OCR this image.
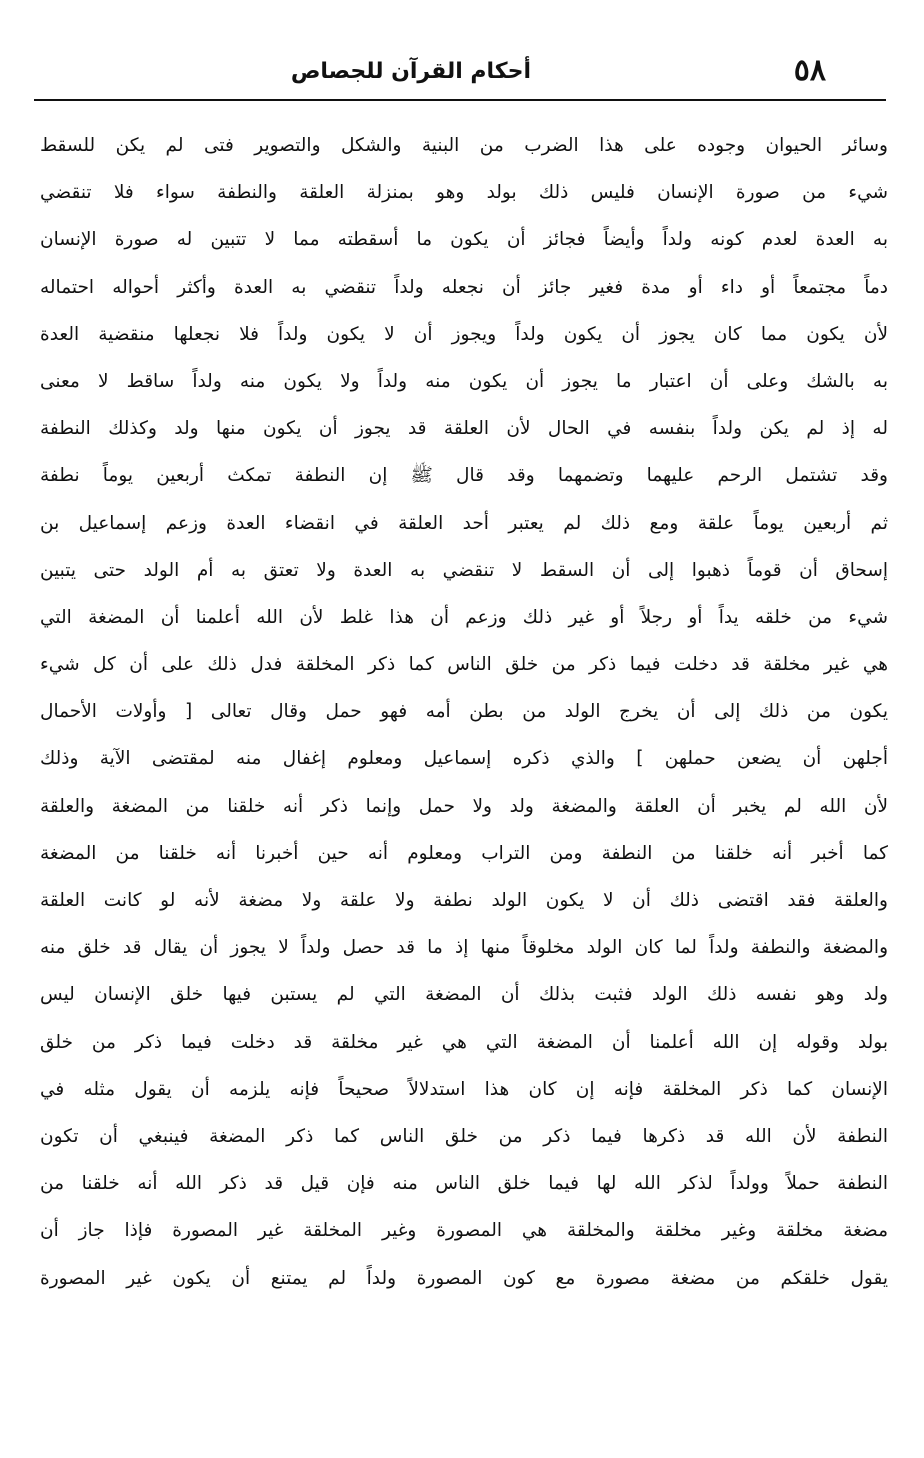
٥٨
أحكام القرآن للجصاص
وسائر الحيوان وجوده على هذا الضرب من البنية والشكل والتصوير فتى لم يكن للسقط
شيء من صورة الإنسان فليس ذلك بولد وهو بمنزلة العلقة والنطفة سواء فلا تنقضي
به العدة لعدم كونه ولداً وأيضاً فجائز أن يكون ما أسقطته مما لا تتبين له صورة الإنسان
دماً مجتمعاً أو داء أو مدة فغير جائز أن نجعله ولداً تنقضي به العدة وأكثر أحواله احتماله
لأن يكون مما كان يجوز أن يكون ولداً ويجوز أن لا يكون ولداً فلا نجعلها منقضية العدة
به بالشك وعلى أن اعتبار ما يجوز أن يكون منه ولداً ولا يكون منه ولداً ساقط لا معنى
له إذ لم يكن ولداً بنفسه في الحال لأن العلقة قد يجوز أن يكون منها ولد وكذلك النطفة
وقد تشتمل الرحم عليهما وتضمهما وقد قال ﷺ إن النطفة تمكث أربعين يوماً نطفة
ثم أربعين يوماً علقة ومع ذلك لم يعتبر أحد العلقة في انقضاء العدة وزعم إسماعيل بن
إسحاق أن قوماً ذهبوا إلى أن السقط لا تنقضي به العدة ولا تعتق به أم الولد حتى يتبين
شيء من خلقه يداً أو رجلاً أو غير ذلك وزعم أن هذا غلط لأن الله أعلمنا أن المضغة التي
هي غير مخلقة قد دخلت فيما ذكر من خلق الناس كما ذكر المخلقة فدل ذلك على أن كل شيء
يكون من ذلك إلى أن يخرج الولد من بطن أمه فهو حمل وقال تعالى [ وأولات الأحمال
أجلهن أن يضعن حملهن ] والذي ذكره إسماعيل ومعلوم إغفال منه لمقتضى الآية وذلك
لأن الله لم يخبر أن العلقة والمضغة ولد ولا حمل وإنما ذكر أنه خلقنا من المضغة والعلقة
كما أخبر أنه خلقنا من النطفة ومن التراب ومعلوم أنه حين أخبرنا أنه خلقنا من المضغة
والعلقة فقد اقتضى ذلك أن لا يكون الولد نطفة ولا علقة ولا مضغة لأنه لو كانت العلقة
والمضغة والنطفة ولداً لما كان الولد مخلوقاً منها إذ ما قد حصل ولداً لا يجوز أن يقال قد خلق منه
ولد وهو نفسه ذلك الولد فثبت بذلك أن المضغة التي لم يستبن فيها خلق الإنسان ليس
بولد وقوله إن الله أعلمنا أن المضغة التي هي غير مخلقة قد دخلت فيما ذكر من خلق
الإنسان كما ذكر المخلقة فإنه إن كان هذا استدلالاً صحيحاً فإنه يلزمه أن يقول مثله في
النطفة لأن الله قد ذكرها فيما ذكر من خلق الناس كما ذكر المضغة فينبغي أن تكون
النطفة حملاً وولداً لذكر الله لها فيما خلق الناس منه فإن قيل قد ذكر الله أنه خلقنا من
مضغة مخلقة وغير مخلقة والمخلقة هي المصورة وغير المخلقة غير المصورة فإذا جاز أن
يقول خلقكم من مضغة مصورة مع كون المصورة ولداً لم يمتنع أن يكون غير المصورة
